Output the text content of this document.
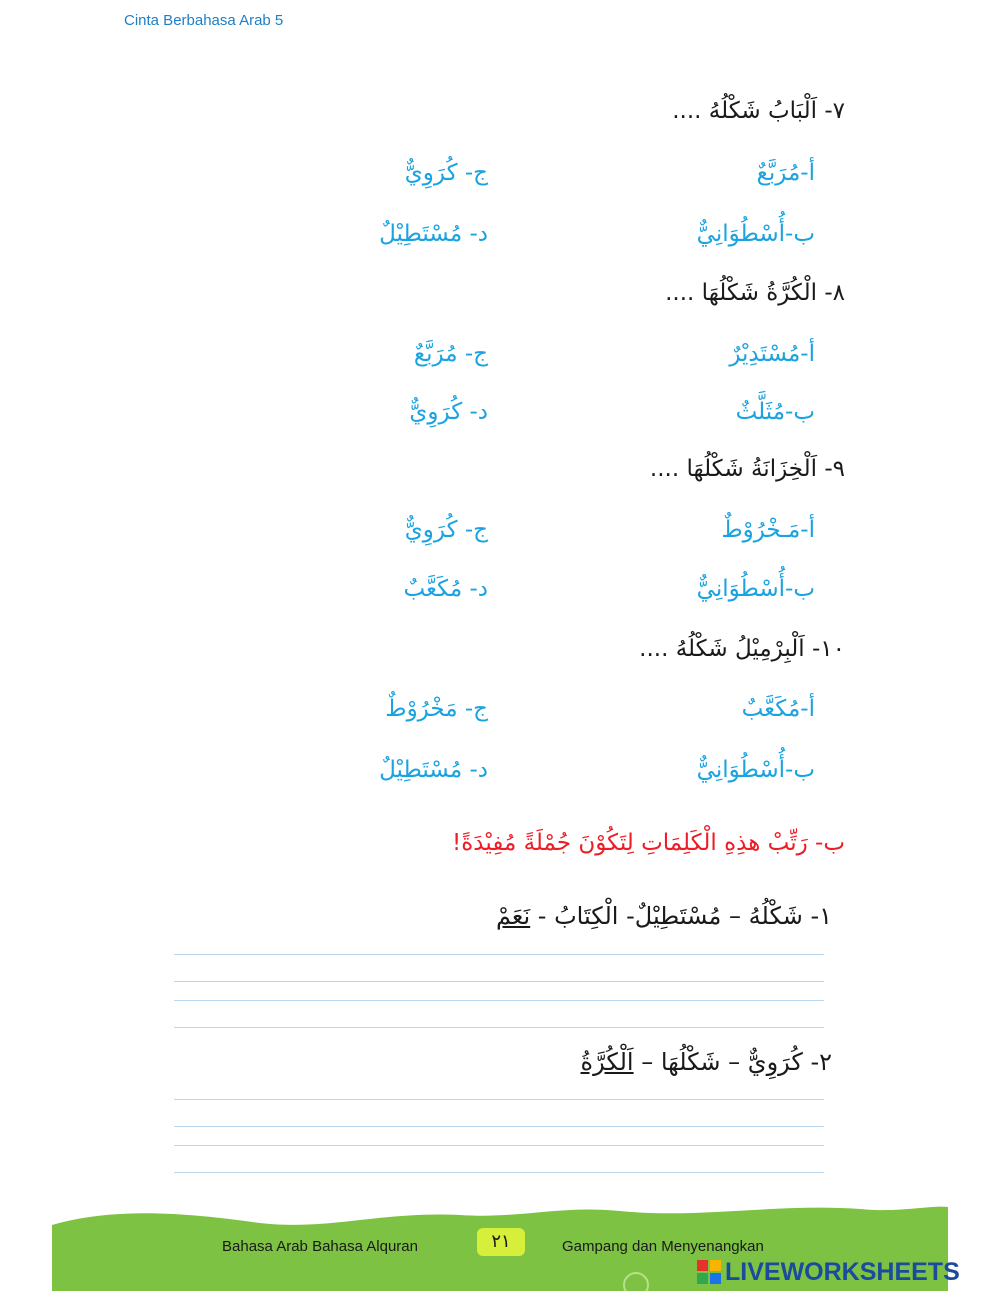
Cinta Berbahasa Arab 5
٧- اَلْبَابُ شَكْلُهُ ....
أ-مُرَبَّعٌ
ج- كُرَوِيٌّ
ب-أُسْطُوَانِيٌّ
د- مُسْتَطِيْلٌ
٨- الْكُرَّةُ شَكْلُهَا ....
أ-مُسْتَدِيْرٌ
ج- مُرَبَّعٌ
ب-مُثَلَّثٌ
د- كُرَوِيٌّ
٩- اَلْخِزَانَةُ شَكْلُهَا ....
أ-مَـخْرُوْطٌ
ج- كُرَوِيٌّ
ب-أُسْطُوَانِيٌّ
د- مُكَعَّبٌ
١٠- اَلْبِرْمِيْلُ شَكْلُهُ ....
أ-مُكَعَّبٌ
ج- مَخْرُوْطٌ
ب-أُسْطُوَانِيٌّ
د- مُسْتَطِيْلٌ
ب- رَتِّبْ هذِهِ الْكَلِمَاتِ لِتَكُوْنَ جُمْلَةً مُفِيْدَةً!
١- شَكْلُهُ – مُسْتَطِيْلٌ- الْكِتَابُ - نَعَمْ
٢- كُرَوِيٌّ – شَكْلُهَا – اَلْكُرَّةُ
Bahasa Arab Bahasa Alquran	٢١	Gampang dan Menyenangkan
LIVEWORKSHEETS
